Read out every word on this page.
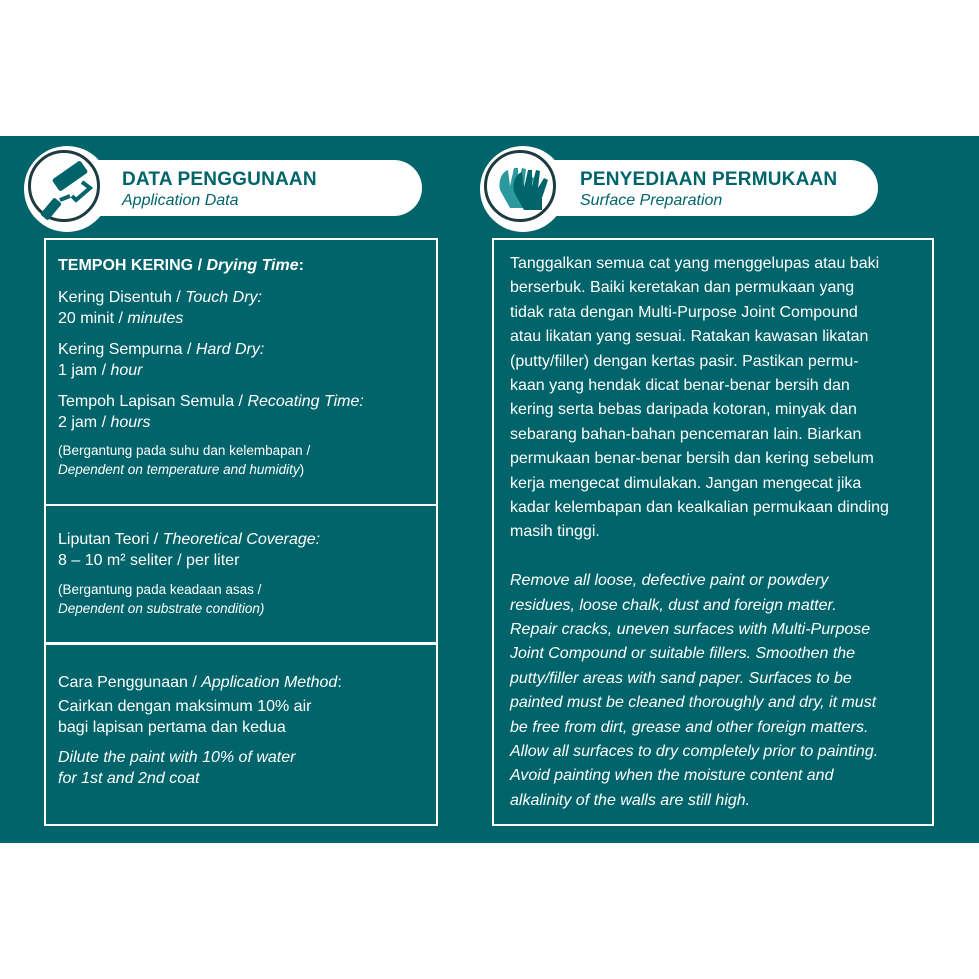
DATA PENGGUNAAN
Application Data
PENYEDIAAN PERMUKAAN
Surface Preparation
TEMPOH KERING / Drying Time:
Kering Disentuh / Touch Dry:
20 minit / minutes
Kering Sempurna / Hard Dry:
1 jam / hour
Tempoh Lapisan Semula / Recoating Time:
2 jam / hours
(Bergantung pada suhu dan kelembapan /
Dependent on temperature and humidity)
Liputan Teori / Theoretical Coverage:
8 – 10 m² seliter / per liter
(Bergantung pada keadaan asas /
Dependent on substrate condition)
Cara Penggunaan / Application Method:
Cairkan dengan maksimum 10% air
bagi lapisan pertama dan kedua
Dilute the paint with 10% of water
for 1st and 2nd coat
Tanggalkan semua cat yang menggelupas atau baki
berserbuk. Baiki keretakan dan permukaan yang
tidak rata dengan Multi-Purpose Joint Compound
atau likatan yang sesuai. Ratakan kawasan likatan
(putty/filler) dengan kertas pasir. Pastikan permu-
kaan yang hendak dicat benar-benar bersih dan
kering serta bebas daripada kotoran, minyak dan
sebarang bahan-bahan pencemaran lain. Biarkan
permukaan benar-benar bersih dan kering sebelum
kerja mengecat dimulakan. Jangan mengecat jika
kadar kelembapan dan kealkalian permukaan dinding
masih tinggi.
Remove all loose, defective paint or powdery
residues, loose chalk, dust and foreign matter.
Repair cracks, uneven surfaces with Multi-Purpose
Joint Compound or suitable fillers. Smoothen the
putty/filler areas with sand paper. Surfaces to be
painted must be cleaned thoroughly and dry, it must
be free from dirt, grease and other foreign matters.
Allow all surfaces to dry completely prior to painting.
Avoid painting when the moisture content and
alkalinity of the walls are still high.
